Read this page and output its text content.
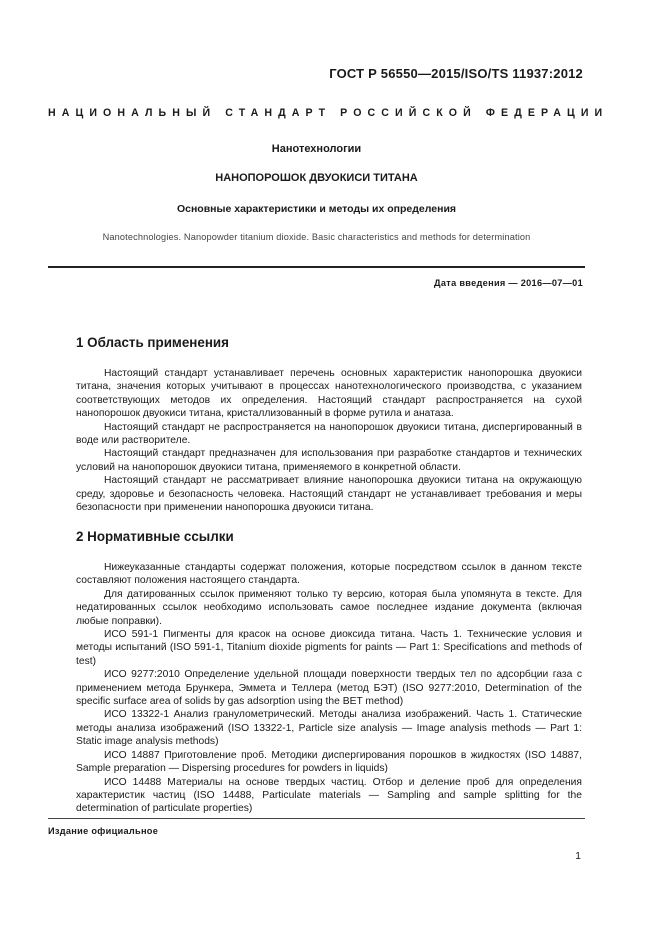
ГОСТ Р 56550—2015/ISO/TS 11937:2012
НАЦИОНАЛЬНЫЙ СТАНДАРТ РОССИЙСКОЙ ФЕДЕРАЦИИ
Нанотехнологии
НАНОПОРОШОК ДВУОКИСИ ТИТАНА
Основные характеристики и методы их определения
Nanotechnologies. Nanopowder titanium dioxide. Basic characteristics and methods for determination
Дата введения — 2016—07—01
1 Область применения

Настоящий стандарт устанавливает перечень основных характеристик нанопорошка двуокиси титана, значения которых учитывают в процессах нанотехнологического производства, с указанием соответствующих методов их определения. Настоящий стандарт распространяется на сухой нанопорошок двуокиси титана, кристаллизованный в форме рутила и анатаза.

Настоящий стандарт не распространяется на нанопорошок двуокиси титана, диспергированный в воде или растворителе.

Настоящий стандарт предназначен для использования при разработке стандартов и технических условий на нанопорошок двуокиси титана, применяемого в конкретной области.

Настоящий стандарт не рассматривает влияние нанопорошка двуокиси титана на окружающую среду, здоровье и безопасность человека. Настоящий стандарт не устанавливает требования и меры безопасности при применении нанопорошка двуокиси титана.

2 Нормативные ссылки

Нижеуказанные стандарты содержат положения, которые посредством ссылок в данном тексте составляют положения настоящего стандарта.

Для датированных ссылок применяют только ту версию, которая была упомянута в тексте. Для недатированных ссылок необходимо использовать самое последнее издание документа (включая любые поправки).

ИСО 591-1 Пигменты для красок на основе диоксида титана. Часть 1. Технические условия и методы испытаний (ISO 591-1, Titanium dioxide pigments for paints — Part 1: Specifications and methods of test)

ИСО 9277:2010 Определение удельной площади поверхности твердых тел по адсорбции газа с применением метода Брункера, Эммета и Теллера (метод БЭТ) (ISO 9277:2010, Determination of the specific surface area of solids by gas adsorption using the BET method)

ИСО 13322-1 Анализ гранулометрический. Методы анализа изображений. Часть 1. Статические методы анализа изображений (ISO 13322-1, Particle size analysis — Image analysis methods — Part 1: Static image analysis methods)

ИСО 14887 Приготовление проб. Методики диспергирования порошков в жидкостях (ISO 14887, Sample preparation — Dispersing procedures for powders in liquids)

ИСО 14488 Материалы на основе твердых частиц. Отбор и деление проб для определения характеристик частиц (ISO 14488, Particulate materials — Sampling and sample splitting for the determination of particulate properties)

Издание официальное
1
